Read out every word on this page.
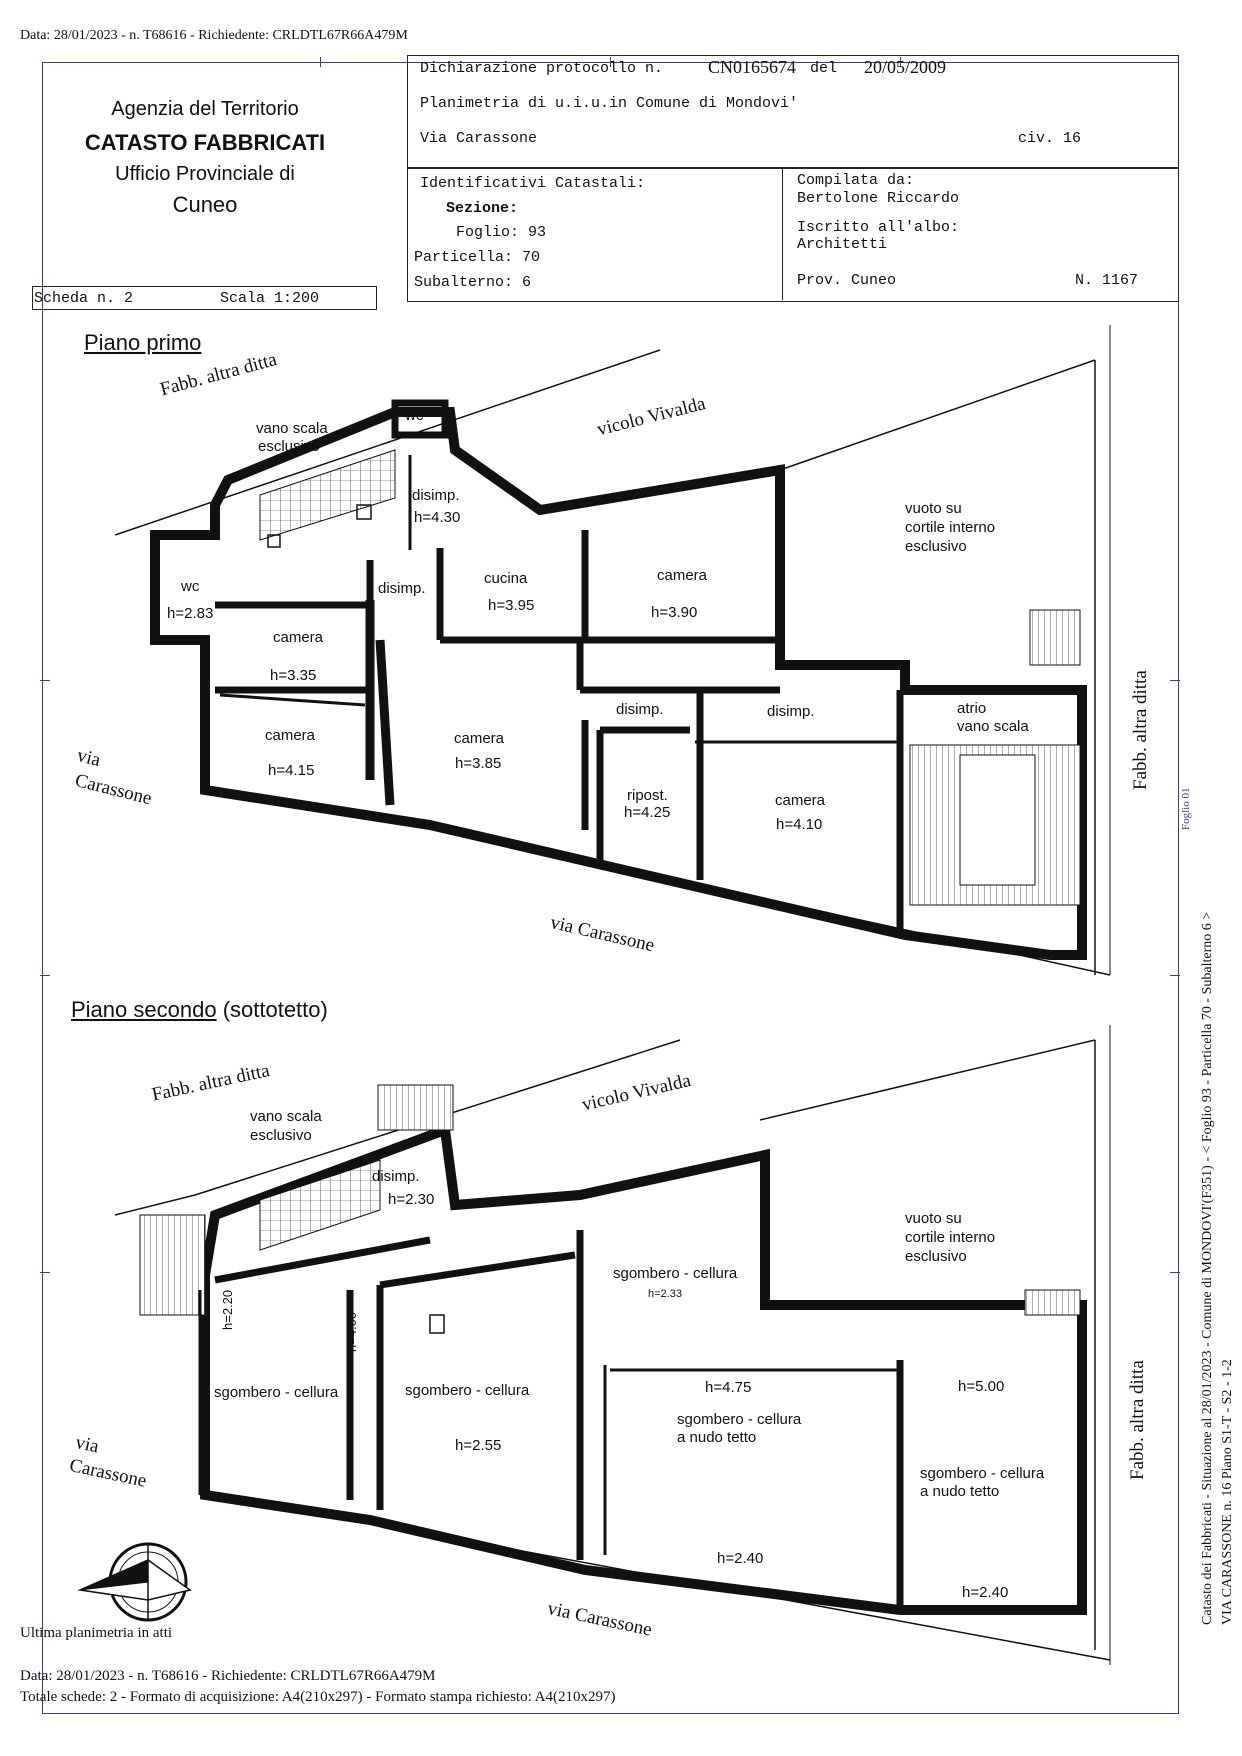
Data: 28/01/2023 - n. T68616 - Richiedente: CRLDTL67R66A479M
Agenzia del Territorio
CATASTO FABBRICATI
Ufficio Provinciale di
Cuneo
Dichiarazione protocollo n. CN0165674 del 20/05/2009
Planimetria di u.i.u.in Comune di Mondovi'
Via Carassone	civ. 16
Identificativi Catastali:
Sezione:
Foglio: 93
Particella: 70
Subalterno: 6
Compilata da:
Bertolone Riccardo
Iscritto all'albo:
Architetti
Prov. Cuneo	N. 1167
Scheda n. 2	Scala 1:200
Piano primo
Fabb. altra ditta
vicolo Vivalda
via
Carassone
via Carassone
Fabb. altra ditta
wc
vano scala
esclusivo
disimp.
h=4.30
disimp.
cucina
h=3.95
camera
h=3.90
vuoto su
cortile interno
esclusivo
wc
h=2.83
camera
h=3.35
camera
h=4.15
camera
h=3.85
disimp.	disimp.
ripost.
h=4.25
camera
h=4.10
atrio
vano scala
Piano secondo (sottotetto)
Fabb. altra ditta	vicolo Vivalda
via
Carassone
via Carassone
Fabb. altra ditta
vano scala
esclusivo
disimp.
h=2.30
vuoto su
cortile interno
esclusivo
sgombero - cellura
h=2.20
h=4.00
sgombero - cellura
h=2.55
sgombero - cellura
h=2.33
h=4.75
sgombero - cellura
a nudo tetto
h=2.40
h=5.00
sgombero - cellura
a nudo tetto
h=2.40
Ultima planimetria in atti
Data: 28/01/2023 - n. T68616 - Richiedente: CRLDTL67R66A479M
Totale schede: 2 - Formato di acquisizione: A4(210x297) - Formato stampa richiesto: A4(210x297)
Catasto dei Fabbricati - Situazione al 28/01/2023 - Comune di MONDOVI'(F351) - < Foglio 93 - Particella 70 - Subalterno 6 > VIA CARASSONE n. 16 Piano S1-T - S2 - 1-2
Foglio 01
